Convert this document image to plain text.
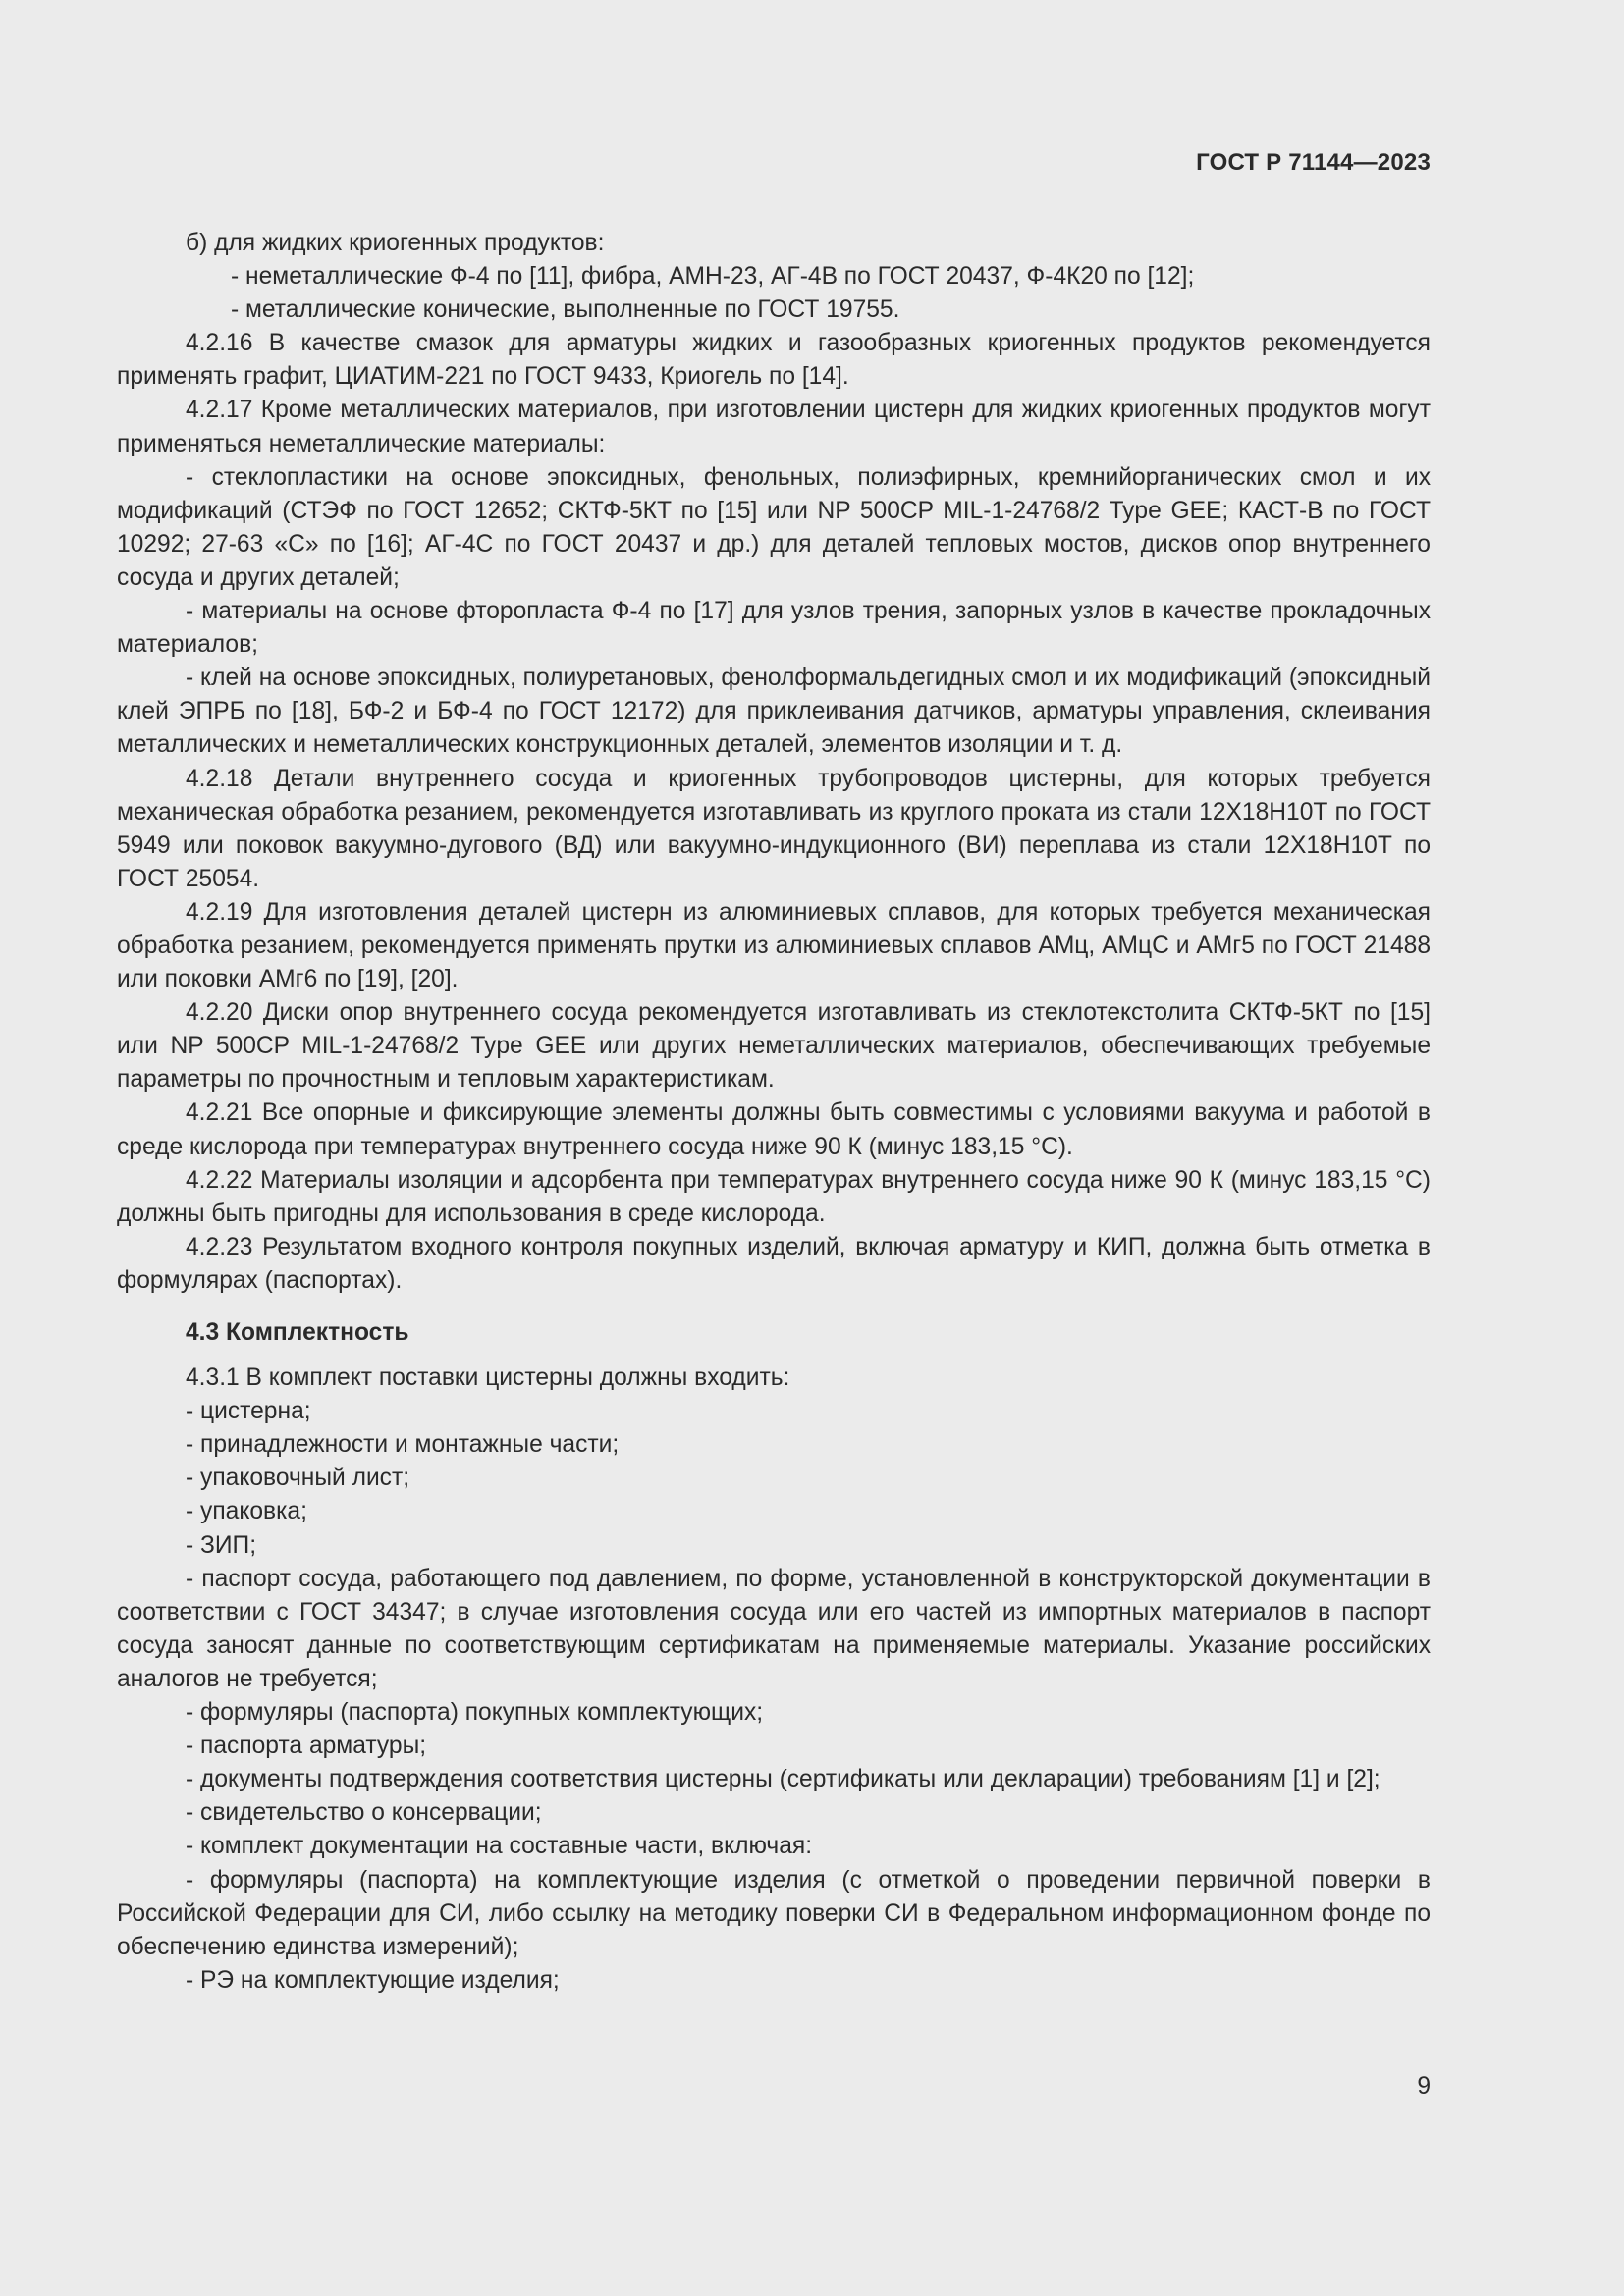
ГОСТ Р 71144—2023

б) для жидких криогенных продуктов:

- неметаллические Ф-4 по [11], фибра, АМН-23, АГ-4В по ГОСТ 20437, Ф-4К20 по [12];

- металлические конические, выполненные по ГОСТ 19755.

4.2.16 В качестве смазок для арматуры жидких и газообразных криогенных продуктов рекомендуется применять графит, ЦИАТИМ-221 по ГОСТ 9433, Криогель по [14].

4.2.17 Кроме металлических материалов, при изготовлении цистерн для жидких криогенных продуктов могут применяться неметаллические материалы:

- стеклопластики на основе эпоксидных, фенольных, полиэфирных, кремнийорганических смол и их модификаций (СТЭФ по ГОСТ 12652; СКТФ-5КТ по [15] или NP 500CP MIL-1-24768/2 Type GEE; КАСТ-В по ГОСТ 10292; 27-63 «С» по [16]; АГ-4С по ГОСТ 20437 и др.) для деталей тепловых мостов, дисков опор внутреннего сосуда и других деталей;

- материалы на основе фторопласта Ф-4 по [17] для узлов трения, запорных узлов в качестве прокладочных материалов;

- клей на основе эпоксидных, полиуретановых, фенолформальдегидных смол и их модификаций (эпоксидный клей ЭПРБ по [18], БФ-2 и БФ-4 по ГОСТ 12172) для приклеивания датчиков, арматуры управления, склеивания металлических и неметаллических конструкционных деталей, элементов изоляции и т. д.

4.2.18 Детали внутреннего сосуда и криогенных трубопроводов цистерны, для которых требуется механическая обработка резанием, рекомендуется изготавливать из круглого проката из стали 12Х18Н10Т по ГОСТ 5949 или поковок вакуумно-дугового (ВД) или вакуумно-индукционного (ВИ) переплава из стали 12Х18Н10Т по ГОСТ 25054.

4.2.19 Для изготовления деталей цистерн из алюминиевых сплавов, для которых требуется механическая обработка резанием, рекомендуется применять прутки из алюминиевых сплавов АМц, АМцС и АМг5 по ГОСТ 21488 или поковки АМг6 по [19], [20].

4.2.20 Диски опор внутреннего сосуда рекомендуется изготавливать из стеклотекстолита СКТФ-5КТ по [15] или NP 500CP MIL-1-24768/2 Type GEE или других неметаллических материалов, обеспечивающих требуемые параметры по прочностным и тепловым характеристикам.

4.2.21 Все опорные и фиксирующие элементы должны быть совместимы с условиями вакуума и работой в среде кислорода при температурах внутреннего сосуда ниже 90 К (минус 183,15 °С).

4.2.22 Материалы изоляции и адсорбента при температурах внутреннего сосуда ниже 90 К (минус 183,15 °С) должны быть пригодны для использования в среде кислорода.

4.2.23 Результатом входного контроля покупных изделий, включая арматуру и КИП, должна быть отметка в формулярах (паспортах).

4.3 Комплектность

4.3.1 В комплект поставки цистерны должны входить:

- цистерна;

- принадлежности и монтажные части;

- упаковочный лист;

- упаковка;

- ЗИП;

- паспорт сосуда, работающего под давлением, по форме, установленной в конструкторской документации в соответствии с ГОСТ 34347; в случае изготовления сосуда или его частей из импортных материалов в паспорт сосуда заносят данные по соответствующим сертификатам на применяемые материалы. Указание российских аналогов не требуется;

- формуляры (паспорта) покупных комплектующих;

- паспорта арматуры;

- документы подтверждения соответствия цистерны (сертификаты или декларации) требованиям [1] и [2];

- свидетельство о консервации;

- комплект документации на составные части, включая:

- формуляры (паспорта) на комплектующие изделия (с отметкой о проведении первичной поверки в Российской Федерации для СИ, либо ссылку на методику поверки СИ в Федеральном информационном фонде по обеспечению единства измерений);

- РЭ на комплектующие изделия;

9
